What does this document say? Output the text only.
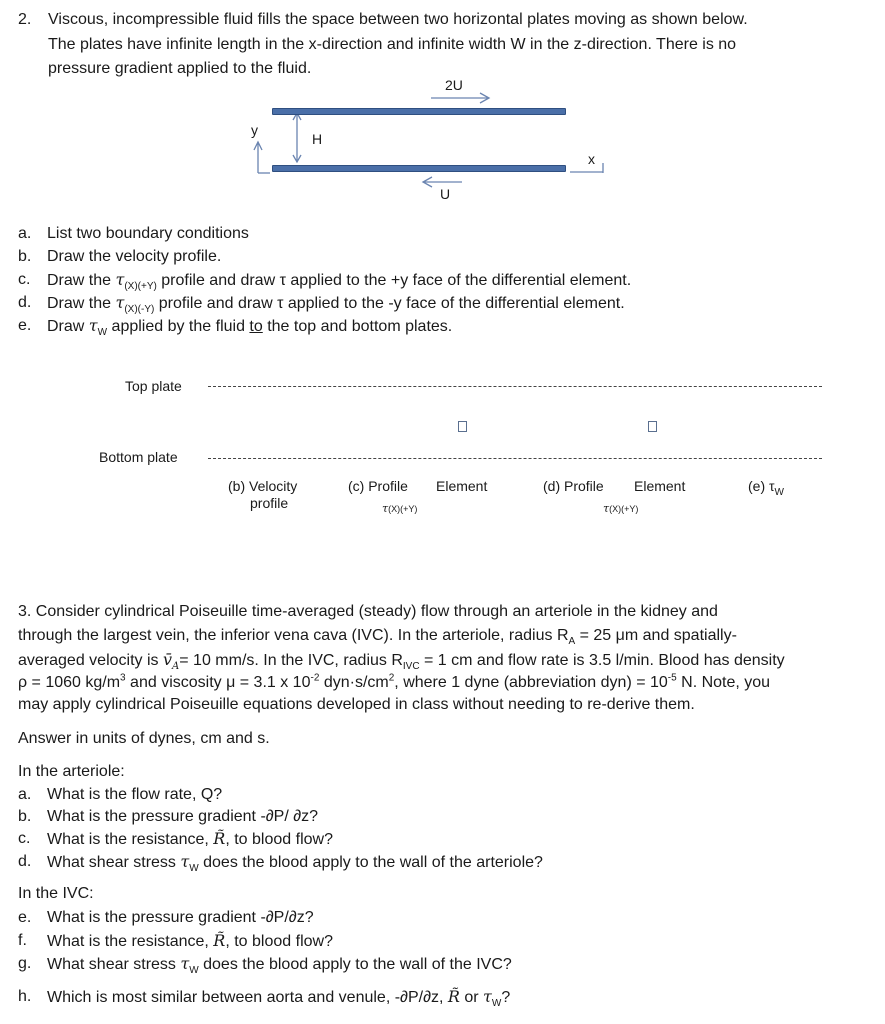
2. Viscous, incompressible fluid fills the space between two horizontal plates moving as shown below.
The plates have infinite length in the x-direction and infinite width W in the z-direction. There is no
pressure gradient applied to the fluid.
2U
y
H
x
U
a. List two boundary conditions
b. Draw the velocity profile.
c. Draw the $\tau_{(X)(+Y)}$ profile and draw τ applied to the +y face of the differential element.
d. Draw the $\tau_{(X)(-Y)}$ profile and draw τ applied to the -y face of the differential element.
e. Draw $\tau_W$ applied by the fluid to the top and bottom plates.
Top plate
Bottom plate
(b) Velocity
profile
(c) Profile Element
τ(X)(+Y)
(d) Profile Element
τ(X)(+Y)
(e) $\tau_W$
3. Consider cylindrical Poiseuille time-averaged (steady) flow through an arteriole in the kidney and
through the largest vein, the inferior vena cava (IVC). In the arteriole, radius $R_A = 25$ μm and spatially-
averaged velocity is $v̄_A= 10$ mm/s. In the IVC, radius $R_{IVC} = 1$ cm and flow rate is 3.5 l/min. Blood has density
ρ = 1060 $kg/m^3$ and viscosity μ = 3.1 x $10^{-2}$ $dyn\cdot s/cm^2$, where 1 dyne (abbreviation $dyn) = 10^{-5}$ N. Note, you
may apply cylindrical Poiseuille equations developed in class without needing to re-derive them.
Answer in units of dynes, cm and s.
In the arteriole:
a. What is the flow rate, Q?
b. What is the pressure gradient -∂P/ ∂z?
c. What is the resistance, R̃, to blood flow?
d. What shear stress $\tau_W$ does the blood apply to the wall of the arteriole?
In the IVC:
e. What is the pressure gradient -∂P/∂z?
f. What is the resistance, R̃, to blood flow?
g. What shear stress $\tau_W$ does the blood apply to the wall of the IVC?
h. Which is most similar between aorta and venule, -∂P/∂z, R̃ or $\tau_W$?
